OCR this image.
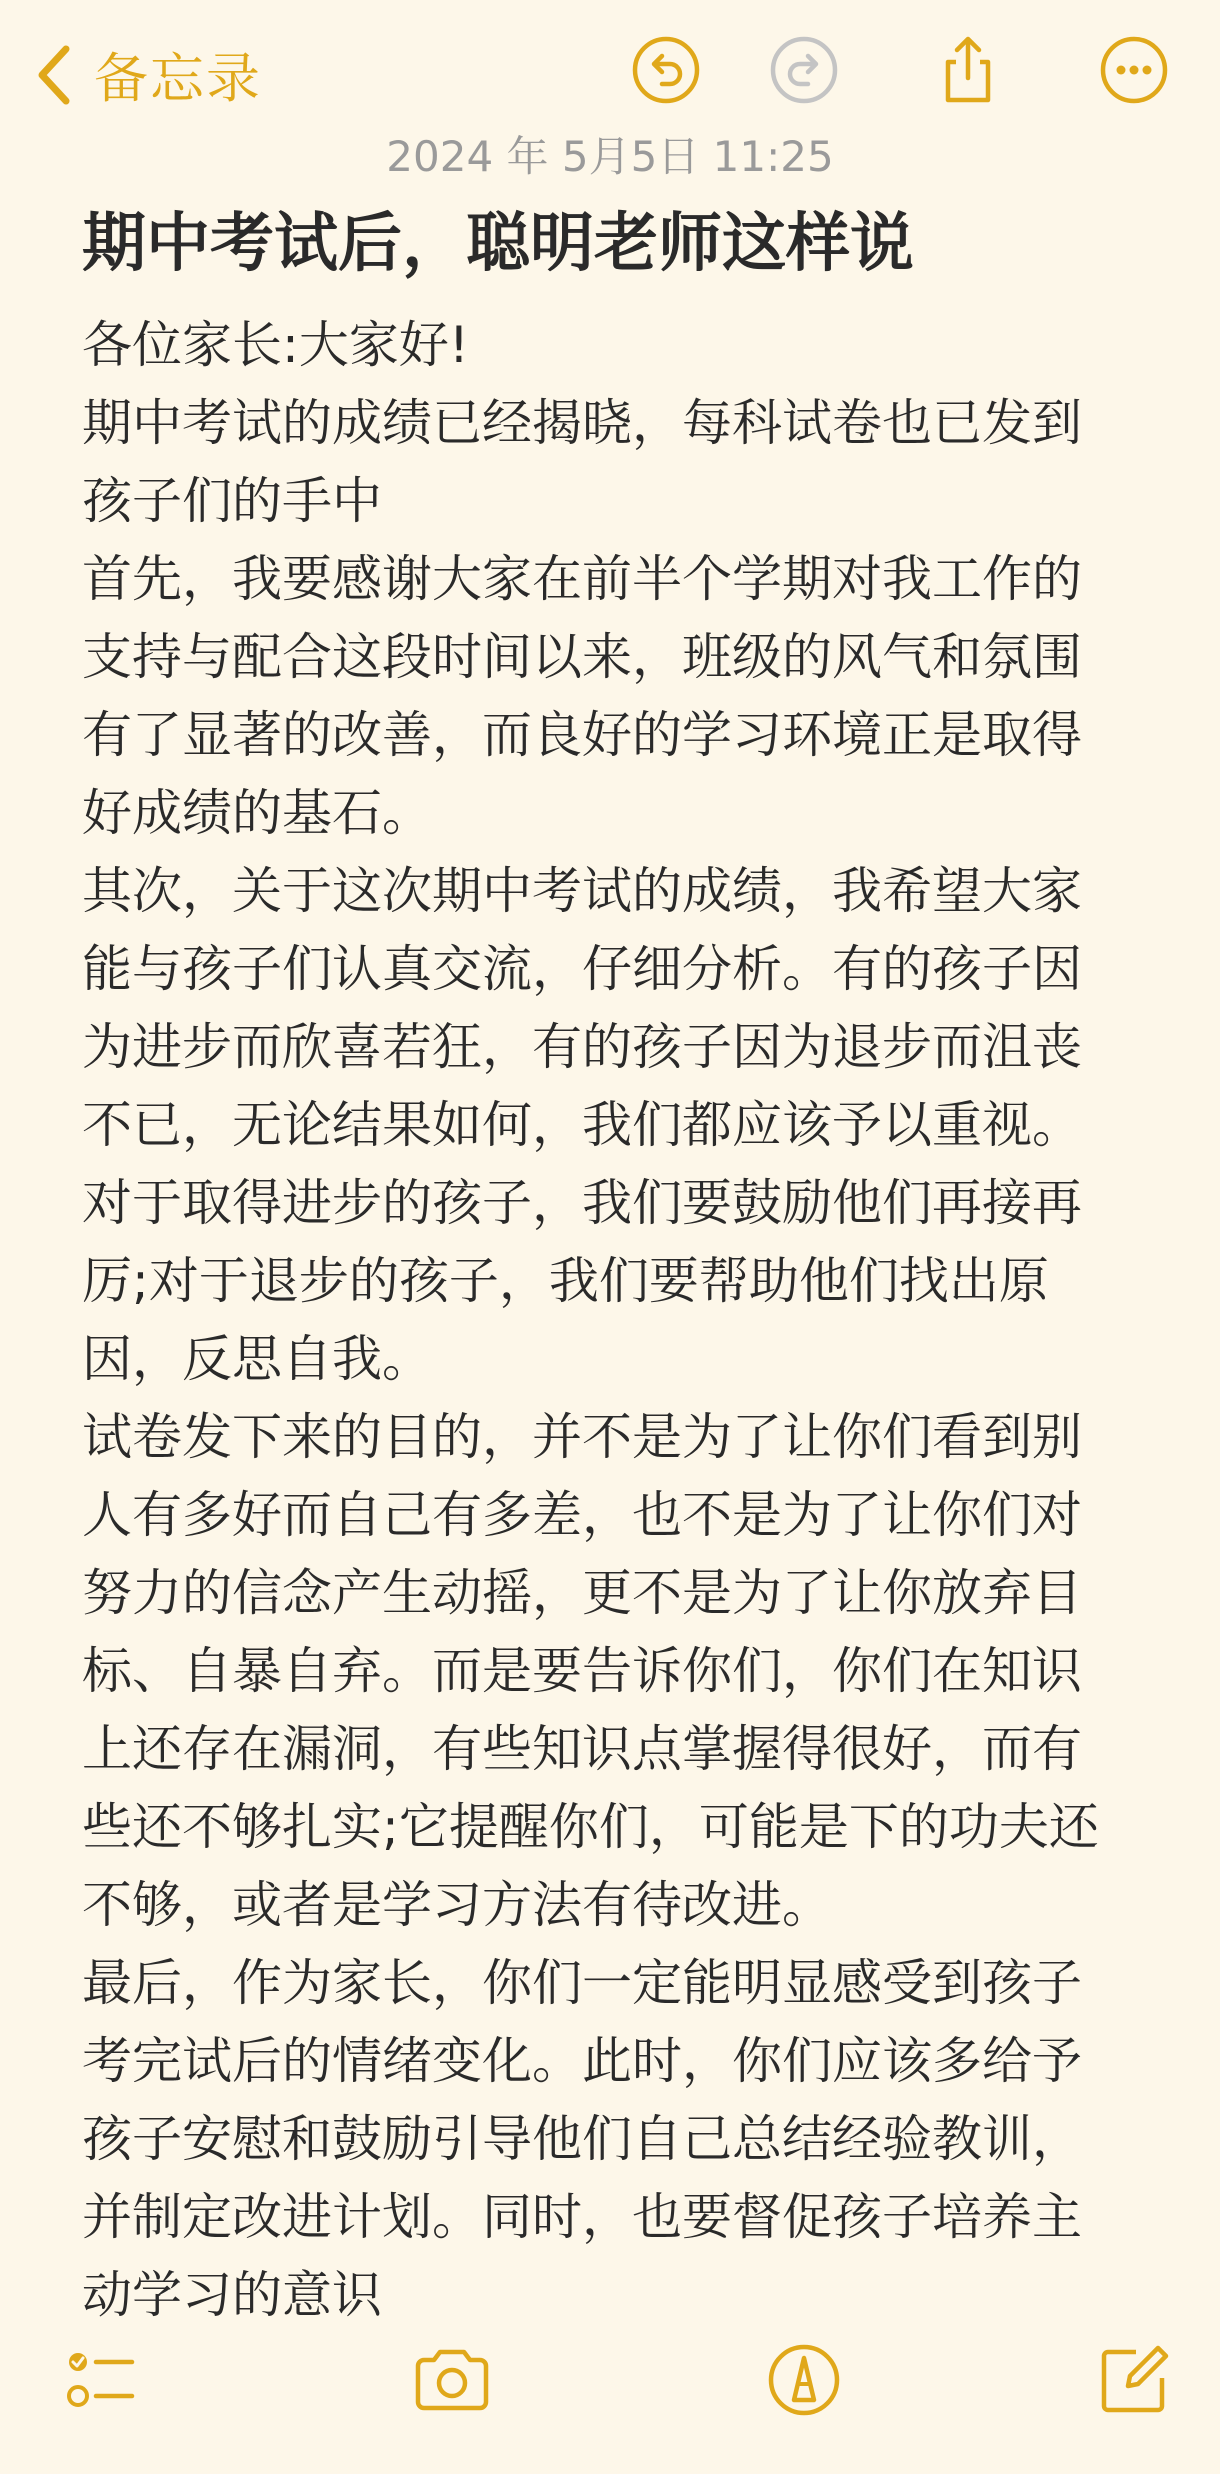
备忘录
2024 年 5月5日 11:25
期中考试后，聪明老师这样说

各位家长:大家好!

期中考试的成绩已经揭晓，每科试卷也已发到孩子们的手中

首先，我要感谢大家在前半个学期对我工作的支持与配合这段时间以来，班级的风气和氛围有了显著的改善，而良好的学习环境正是取得好成绩的基石。

其次，关于这次期中考试的成绩，我希望大家能与孩子们认真交流，仔细分析。有的孩子因为进步而欣喜若狂，有的孩子因为退步而沮丧不已，无论结果如何，我们都应该予以重视。对于取得进步的孩子，我们要鼓励他们再接再厉;对于退步的孩子，我们要帮助他们找出原因，反思自我。

试卷发下来的目的，并不是为了让你们看到别人有多好而自己有多差，也不是为了让你们对努力的信念产生动摇，更不是为了让你放弃目标、自暴自弃。而是要告诉你们，你们在知识上还存在漏洞，有些知识点掌握得很好，而有些还不够扎实;它提醒你们，可能是下的功夫还不够，或者是学习方法有待改进。

最后，作为家长，你们一定能明显感受到孩子考完试后的情绪变化。此时，你们应该多给予孩子安慰和鼓励引导他们自己总结经验教训，并制定改进计划。同时，也要督促孩子培养主动学习的意识
